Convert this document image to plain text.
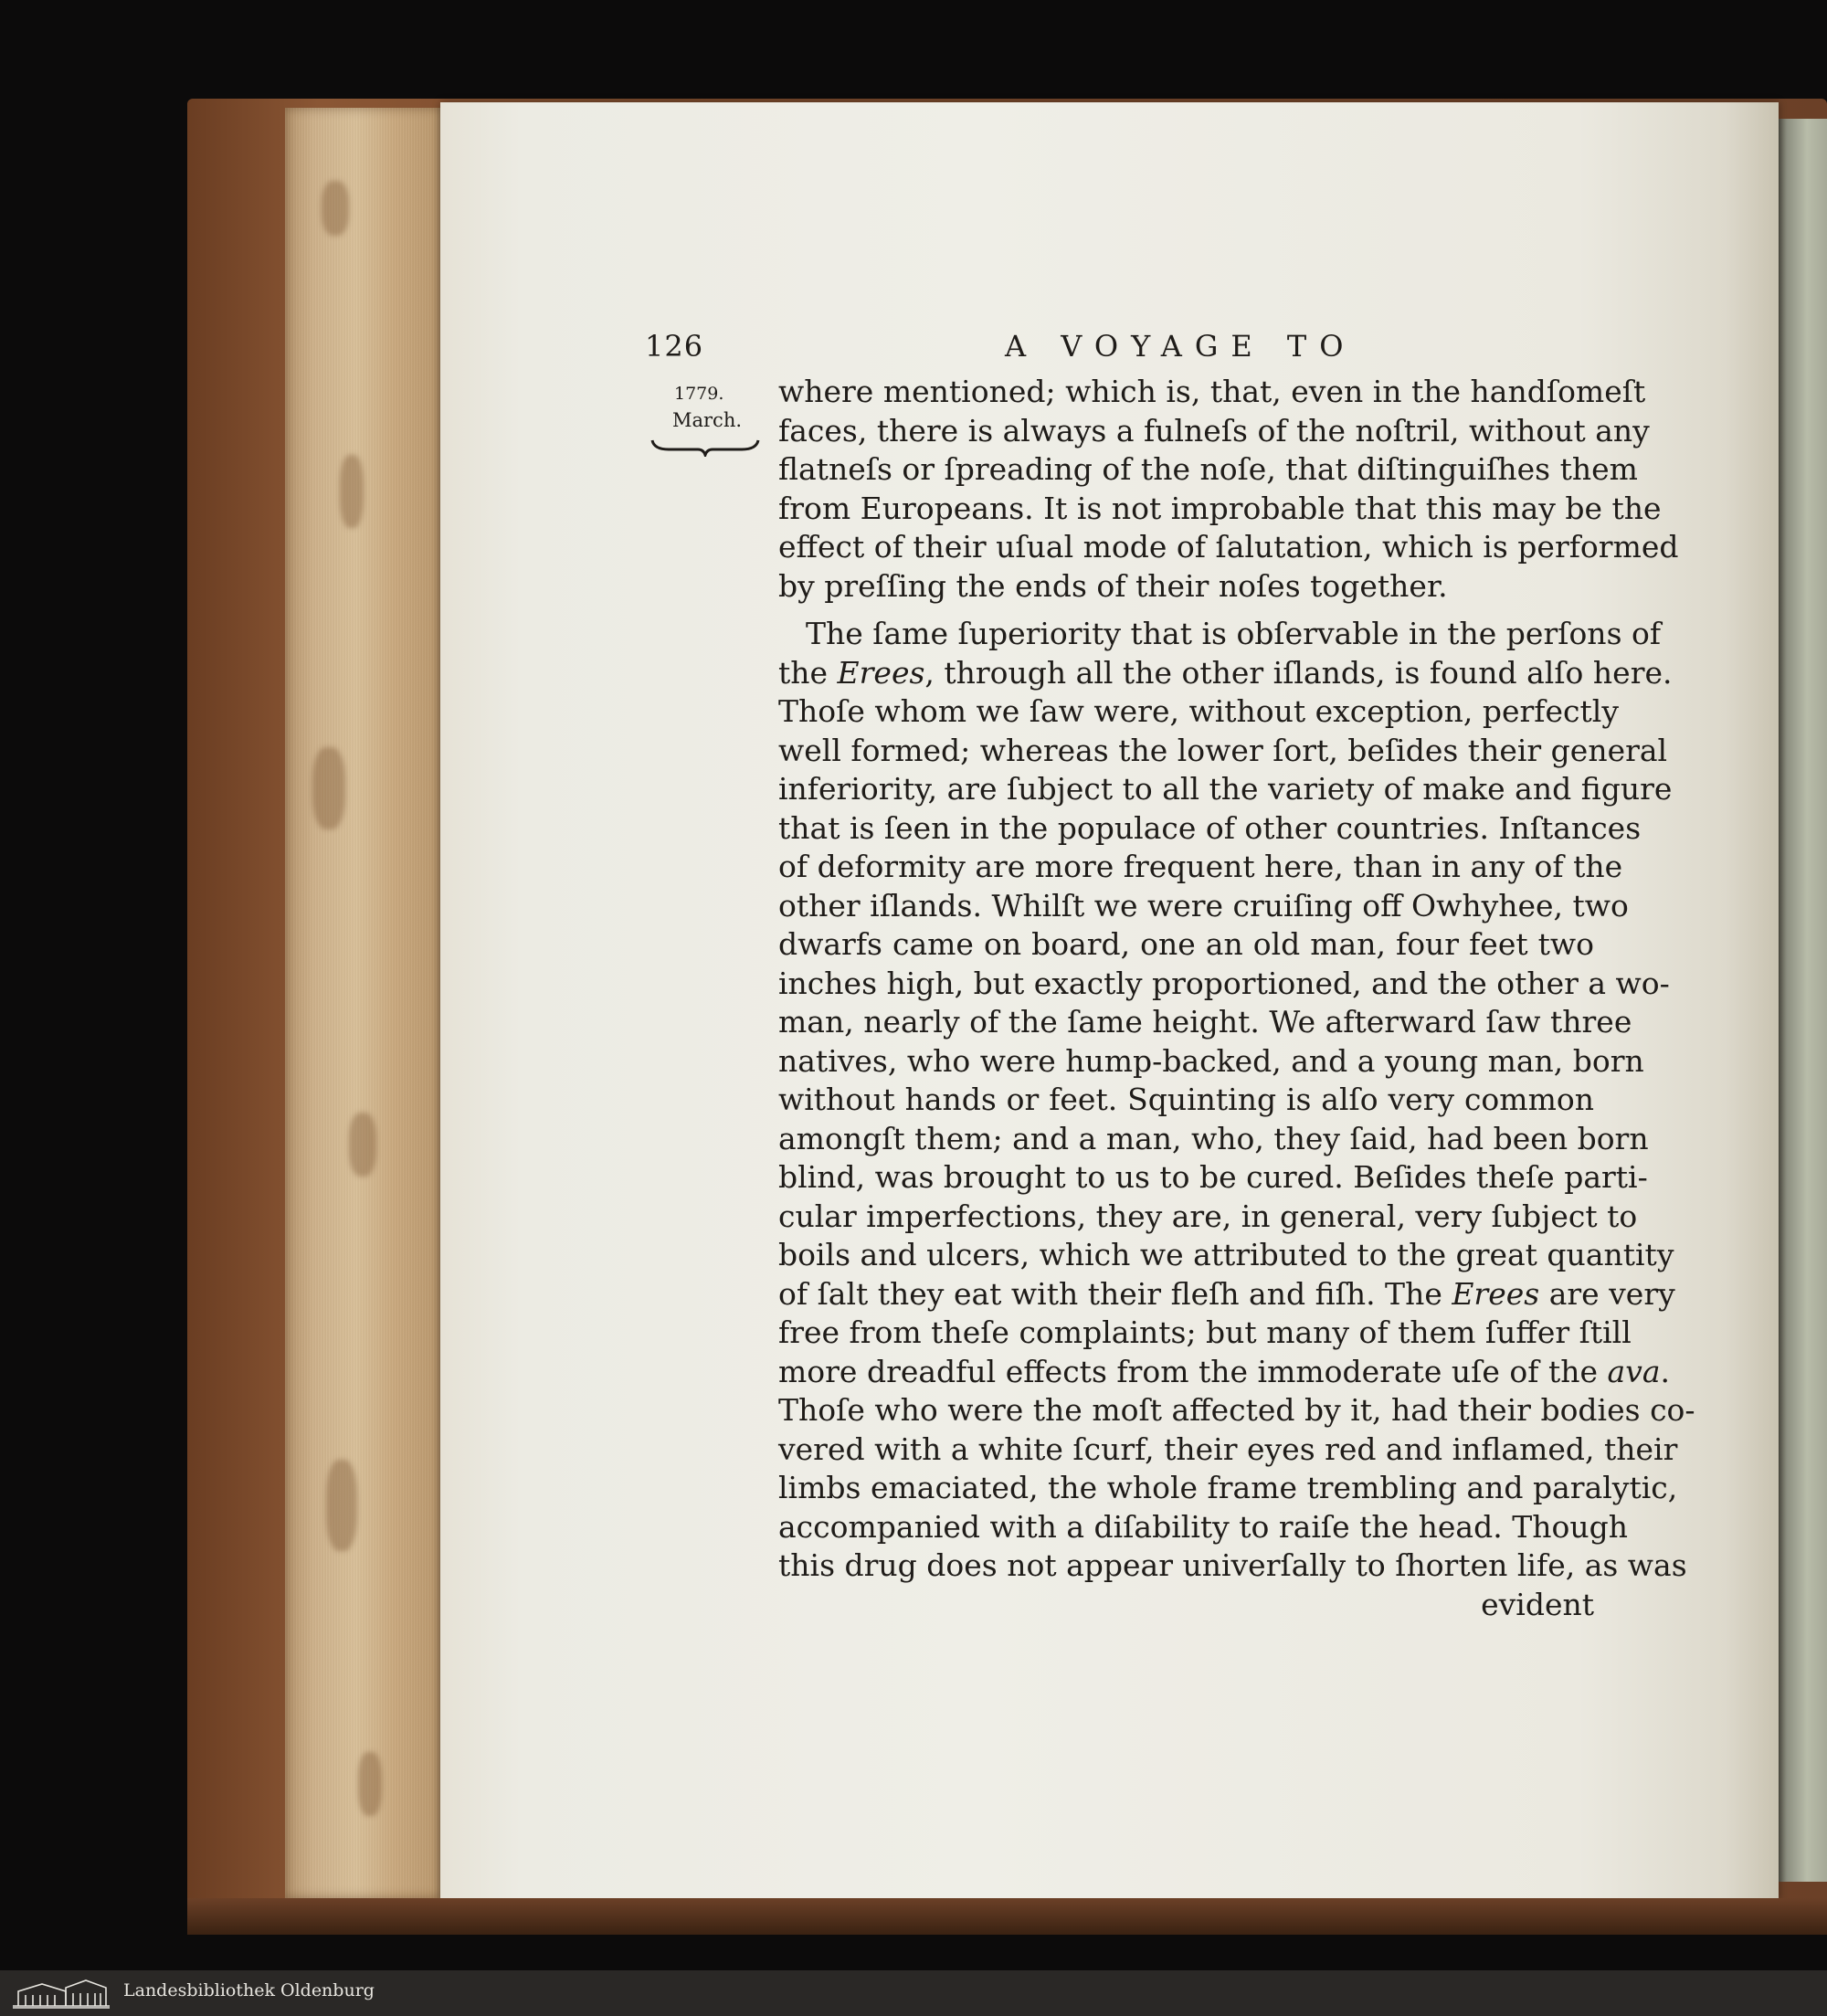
126	A VOYAGE TO
1779.
March.
where mentioned; which is, that, even in the handſomeſt
faces, there is always a fulneſs of the noſtril, without any
flatneſs or ſpreading of the noſe, that diſtinguiſhes them
from Europeans. It is not improbable that this may be the
effect of their uſual mode of ſalutation, which is performed
by preſſing the ends of their noſes together.
The ſame ſuperiority that is obſervable in the perſons of
the Erees, through all the other iſlands, is found alſo here.
Thoſe whom we ſaw were, without exception, perfectly
well formed; whereas the lower ſort, beſides their general
inferiority, are ſubject to all the variety of make and figure
that is ſeen in the populace of other countries. Inſtances
of deformity are more frequent here, than in any of the
other iſlands. Whilſt we were cruiſing off Owhyhee, two
dwarfs came on board, one an old man, four feet two
inches high, but exactly proportioned, and the other a wo-
man, nearly of the ſame height. We afterward ſaw three
natives, who were hump-backed, and a young man, born
without hands or feet. Squinting is alſo very common
amongſt them; and a man, who, they ſaid, had been born
blind, was brought to us to be cured. Beſides theſe parti-
cular imperfections, they are, in general, very ſubject to
boils and ulcers, which we attributed to the great quantity
of ſalt they eat with their fleſh and fiſh. The Erees are very
free from theſe complaints; but many of them ſuffer ſtill
more dreadful effects from the immoderate uſe of the ava.
Thoſe who were the moſt affected by it, had their bodies co-
vered with a white ſcurf, their eyes red and inflamed, their
limbs emaciated, the whole frame trembling and paralytic,
accompanied with a diſability to raiſe the head. Though
this drug does not appear univerſally to ſhorten life, as was
evident
Landesbibliothek Oldenburg
